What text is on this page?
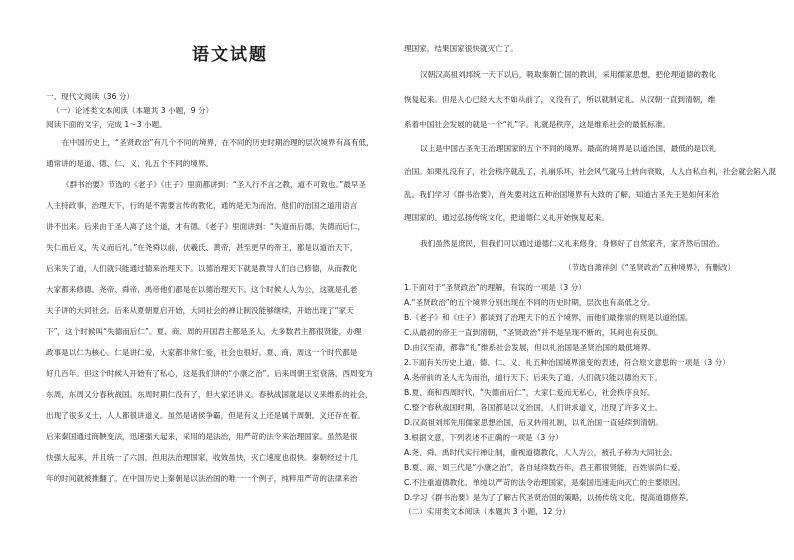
语文试题
一、现代文阅读（36 分）
（一）论述类文本阅读（本题共 3 小题，9 分）
阅读下面的文字，完成 1～3 小题。
在中国历史上，“圣贤政治”有几个不同的境界，在不同的历史时期治理的层次境界有高有低，
通常讲的是道、德、仁、义、礼五个不同的境界。
《群书治要》节选的《老子》《庄子》里面都讲到：“圣人行不言之教，道不可致也。”最早圣
人主持政事，治理天下，行的是不需要言传的教化，通的是无为而治，他们的治国之道用语言
讲不出来。后来由于圣人离了这个道，才有德。《老子》里面讲到：“失道而后德，失德而后仁，
失仁而后义，失义而后礼。”在尧舜以前，伏羲氏、黄帝，甚至更早的帝王，都是以道治天下，
后来失了道，人们就只能通过德来治理天下。以德治理天下就是教导人们自己修德，从而教化
大家都来修德。尧帝、舜帝、禹帝他们都是在以德治理天下。这个时候人人为公，这就是孔老
夫子讲的大同社会。后来从夏朝夏启开始，大同社会的禅让制没能够继续，开始出现了“家天
下”，这个时候叫“失德而后仁”。夏、商、周的开国君主都是圣人，大多数君主都很贤能，办理
政事是以仁为核心。仁是讲仁爱，大家都非常仁爱，社会也很好。夏、商、周这一个时代都是
好几百年。但这个时候人开始有了私心，这是我们讲的“小康之治”。后来周朝王室衰落，西周变为
东周，东周又分春秋战国。东周时期仁没有了，但大家还讲义。春秋战国就是以义来维系的社会，
出现了很多义士，人人都很讲道义。虽然是诸侯争霸，但是有义上还是属于周朝，义还存在着。
后来秦国通过商鞅变法，迅速强大起来，采用的是法治，用严苛的法令来治理国家。虽然是很
快强大起来，并且统一了六国，但用法治理国家，收效虽快，灭亡速度也很快。秦朝经过十几
年的时间就被推翻了。在中国历史上秦朝是以法治国的唯一一个例子，纯粹用严苛的法律来治
理国家，结果国家很快就灭亡了。
汉朝汉高祖刘邦统一天下以后，吸取秦朝亡国的教训，采用儒家思想，把伦理道德的教化
恢复起来。但是人心已经大大不如从前了，义没有了，所以就制定礼。从汉朝一直到清朝，维
系着中国社会发展的就是一个“礼”字。礼就是秩序，这是维系社会的最低标准。
以上是中国古圣先王治理国家的五个不同的境界。最高的境界是以道治国，最低的是以礼
治国。如果礼没有了，社会秩序就乱了，礼崩乐坏，社会风气就马上转向衰败，人人自私自利，社会就会陷入混
乱。我们学习《群书治要》，首先要对这五种治国境界有大致的了解，知道古圣先王是如何来治
理国家的。通过弘扬传统文化，把道德仁义礼开始恢复起来。
我们虽然是庶民，但我们可以通过道德仁义礼来修身，身修好了自然家齐，家齐然后国治。
（节选自萧祥剑《“圣贤政治”五种境界》，有删改）
1.下面对于“圣贤政治”的理解，有误的一项是（3 分）
A.“圣贤政治”的五个境界分别出现在不同的历史时期，层次也有高低之分。
B.《老子》和《庄子》都谈到了治理天下的五个境界，而他们最推崇的则是以道治国。
C.从最初的帝王一直到清朝，“圣贤政治”并不是呈现不断的，其间也有反倒。
D.由汉至清，都靠“礼”维系社会发展，但以礼治国是圣贤治国的最低境界。
2.下面有关历史上道、德、仁、义、礼五种治国境界演变的表述，符合原文意思的一项是（3 分）
A.尧帝前的圣人无为而治，道行天下；后来失了道，人们就只能以德治天下。
B.夏、商和西周时代，“失德而后仁”，大家仁爱而无私心，社会秩序良好。
C.整个春秋战国时期，各国都是以义治国，人们讲求道义，出现了许多义士。
D.汉高祖刘邦先用儒家思想治国，后又转用礼制，以礼治国一直延续到清朝。
3.根据文意，下列表述不正确的一项是（3 分）
A.尧、舜、禹时代实行禅让制，重视道德教化，人人为公，被孔子称为大同社会。
B.夏、商、周三代是“小康之治”，各自延续数百年，君王都很贤能，百姓崇尚仁爱。
C.不注重道德教化，单纯以严苛的法令治理国家，是秦国迅速走向灭亡的主要原因。
D.学习《群书治要》是为了了解古代圣贤治国的策略，以扬传统文化，提高道德修养。
（二）实用类文本阅读（本题共 3 小题，12 分）
